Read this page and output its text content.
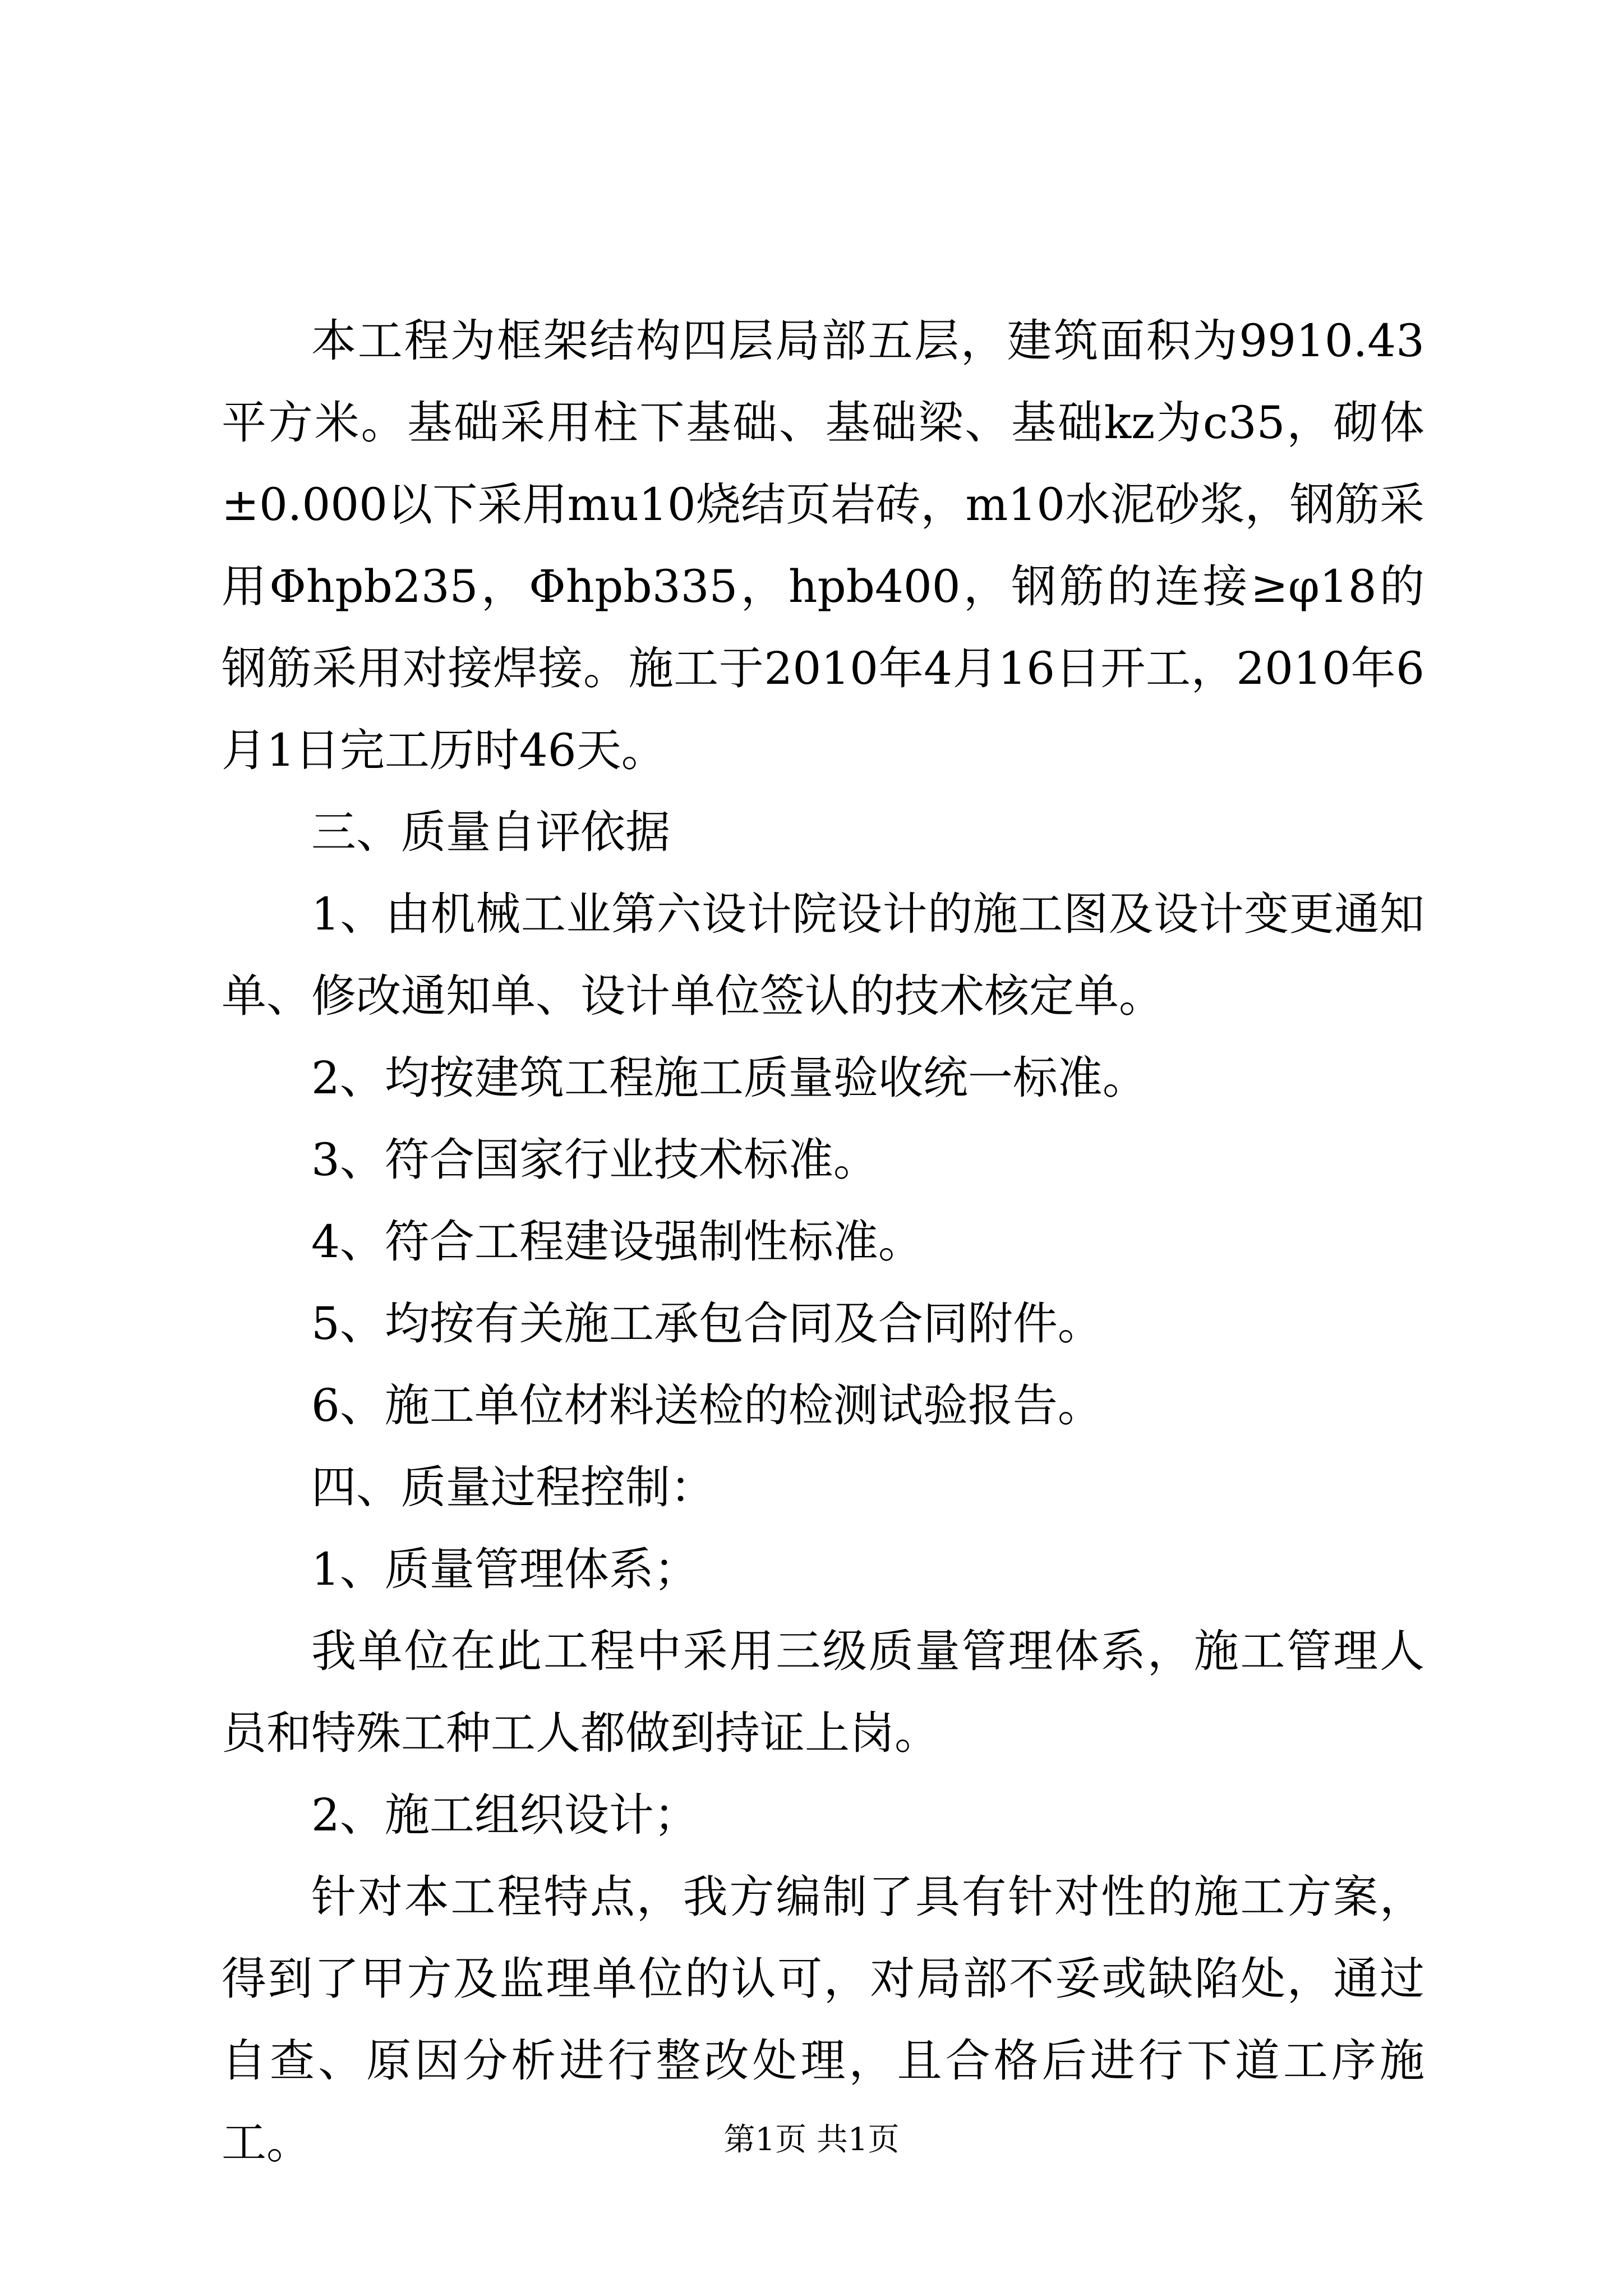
本工程为框架结构四层局部五层，建筑面积为9910.43平方米。基础采用柱下基础、基础梁、基础kz为c35，砌体±0.000以下采用mu10烧结页岩砖，m10水泥砂浆，钢筋采用Φhpb235，Φhpb335，hpb400，钢筋的连接≥φ18的钢筋采用对接焊接。施工于2010年4月16日开工，2010年6月1日完工历时46天。

三、质量自评依据

1、由机械工业第六设计院设计的施工图及设计变更通知单、修改通知单、设计单位签认的技术核定单。

2、均按建筑工程施工质量验收统一标准。

3、符合国家行业技术标准。

4、符合工程建设强制性标准。

5、均按有关施工承包合同及合同附件。

6、施工单位材料送检的检测试验报告。

四、质量过程控制：

1、质量管理体系；

我单位在此工程中采用三级质量管理体系，施工管理人员和特殊工种工人都做到持证上岗。

2、施工组织设计；

针对本工程特点，我方编制了具有针对性的施工方案，得到了甲方及监理单位的认可，对局部不妥或缺陷处，通过自查、原因分析进行整改处理，且合格后进行下道工序施工。	第1页 共1页
